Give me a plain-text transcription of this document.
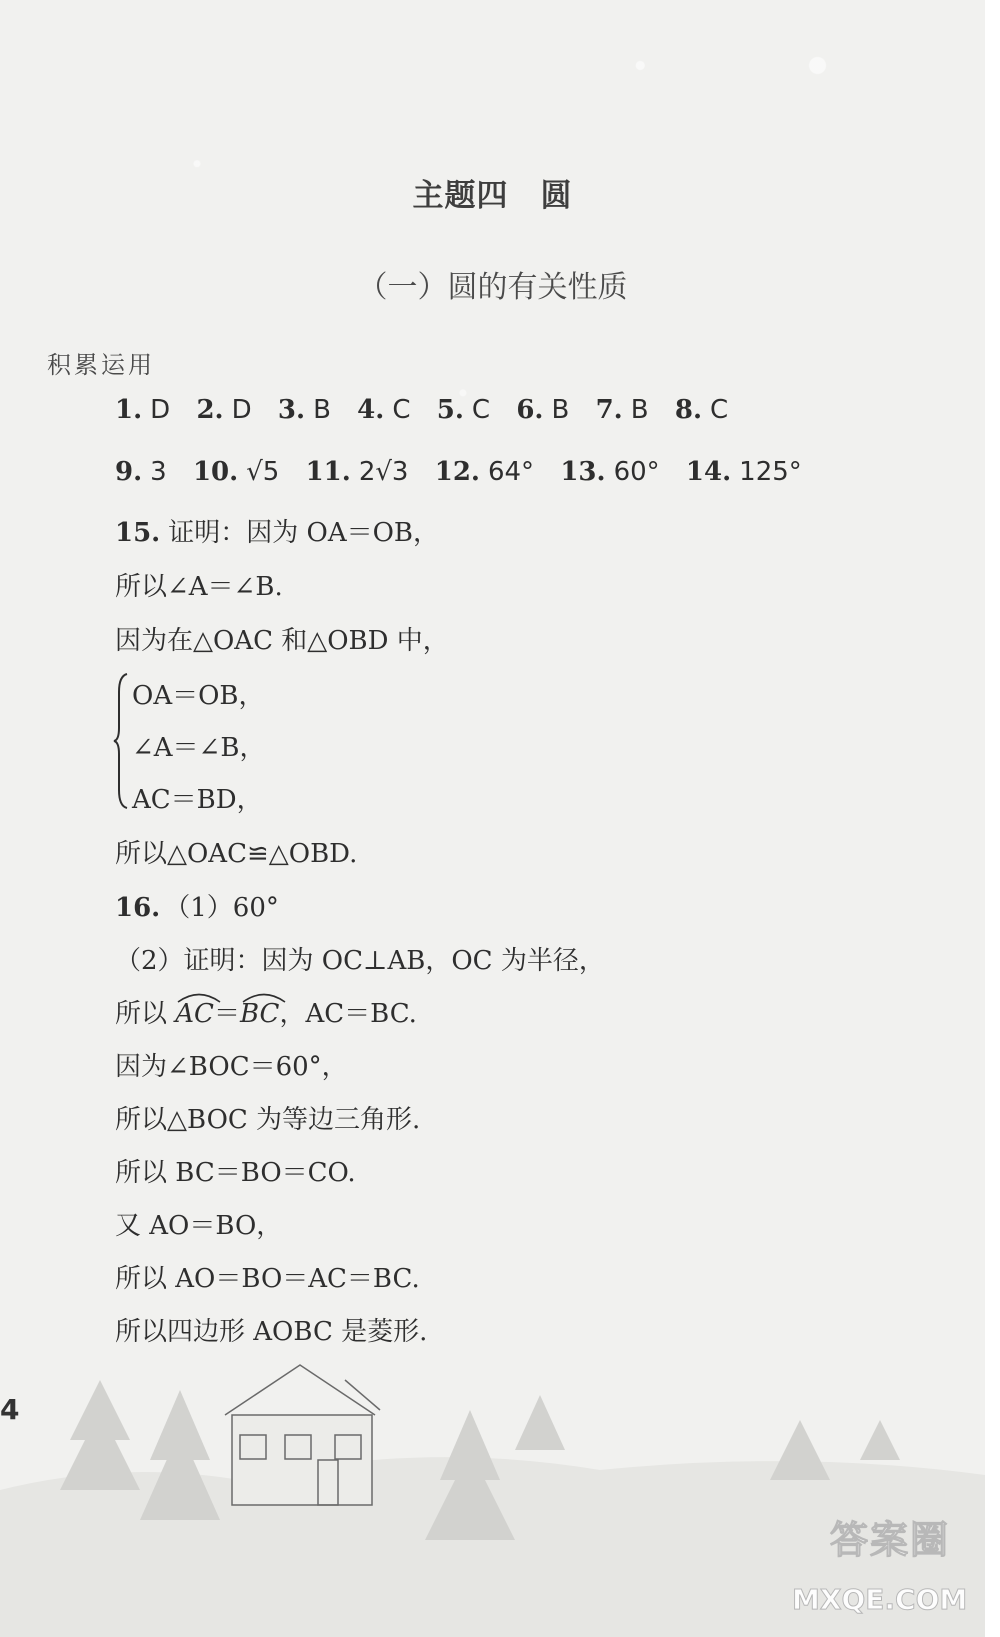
主题四　圆
（一）圆的有关性质
积累运用
1. D 2. D 3. B 4. C 5. C 6. B 7. B 8. C
9. 3 10. √5 11. 2√3 12. 64° 13. 60° 14. 125°
15. 证明：因为 OA＝OB，
所以∠A＝∠B.
因为在△OAC 和△OBD 中，
OA＝OB，
∠A＝∠B，
AC＝BD，
所以△OAC≌△OBD.
16. （1）60°
（2）证明：因为 OC⊥AB，OC 为半径，
所以 AC＝
BC，AC＝BC.
因为∠BOC＝60°，
所以△BOC 为等边三角形.
所以 BC＝BO＝CO.
又 AO＝BO，
所以 AO＝BO＝AC＝BC.
所以四边形 AOBC 是菱形.
4
答案圈
MXQE.COM
